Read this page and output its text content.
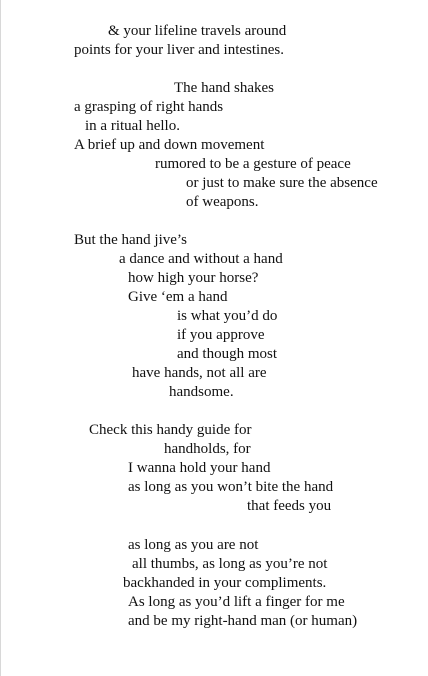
& your lifeline travels around

points for your liver and intestines.

The hand shakes

a grasping of right hands

in a ritual hello.

A brief up and down movement

rumored to be a gesture of peace

or just to make sure the absence

of weapons.

But the hand jive’s

a dance and without a hand

how high your horse?

Give ‘em a hand

is what you’d do

if you approve

and though most

have hands, not all are

handsome.

Check this handy guide for

handholds, for

I wanna hold your hand

as long as you won’t bite the hand

that feeds you

as long as you are not

all thumbs, as long as you’re not

backhanded in your compliments.

As long as you’d lift a finger for me

and be my right-hand man (or human)
